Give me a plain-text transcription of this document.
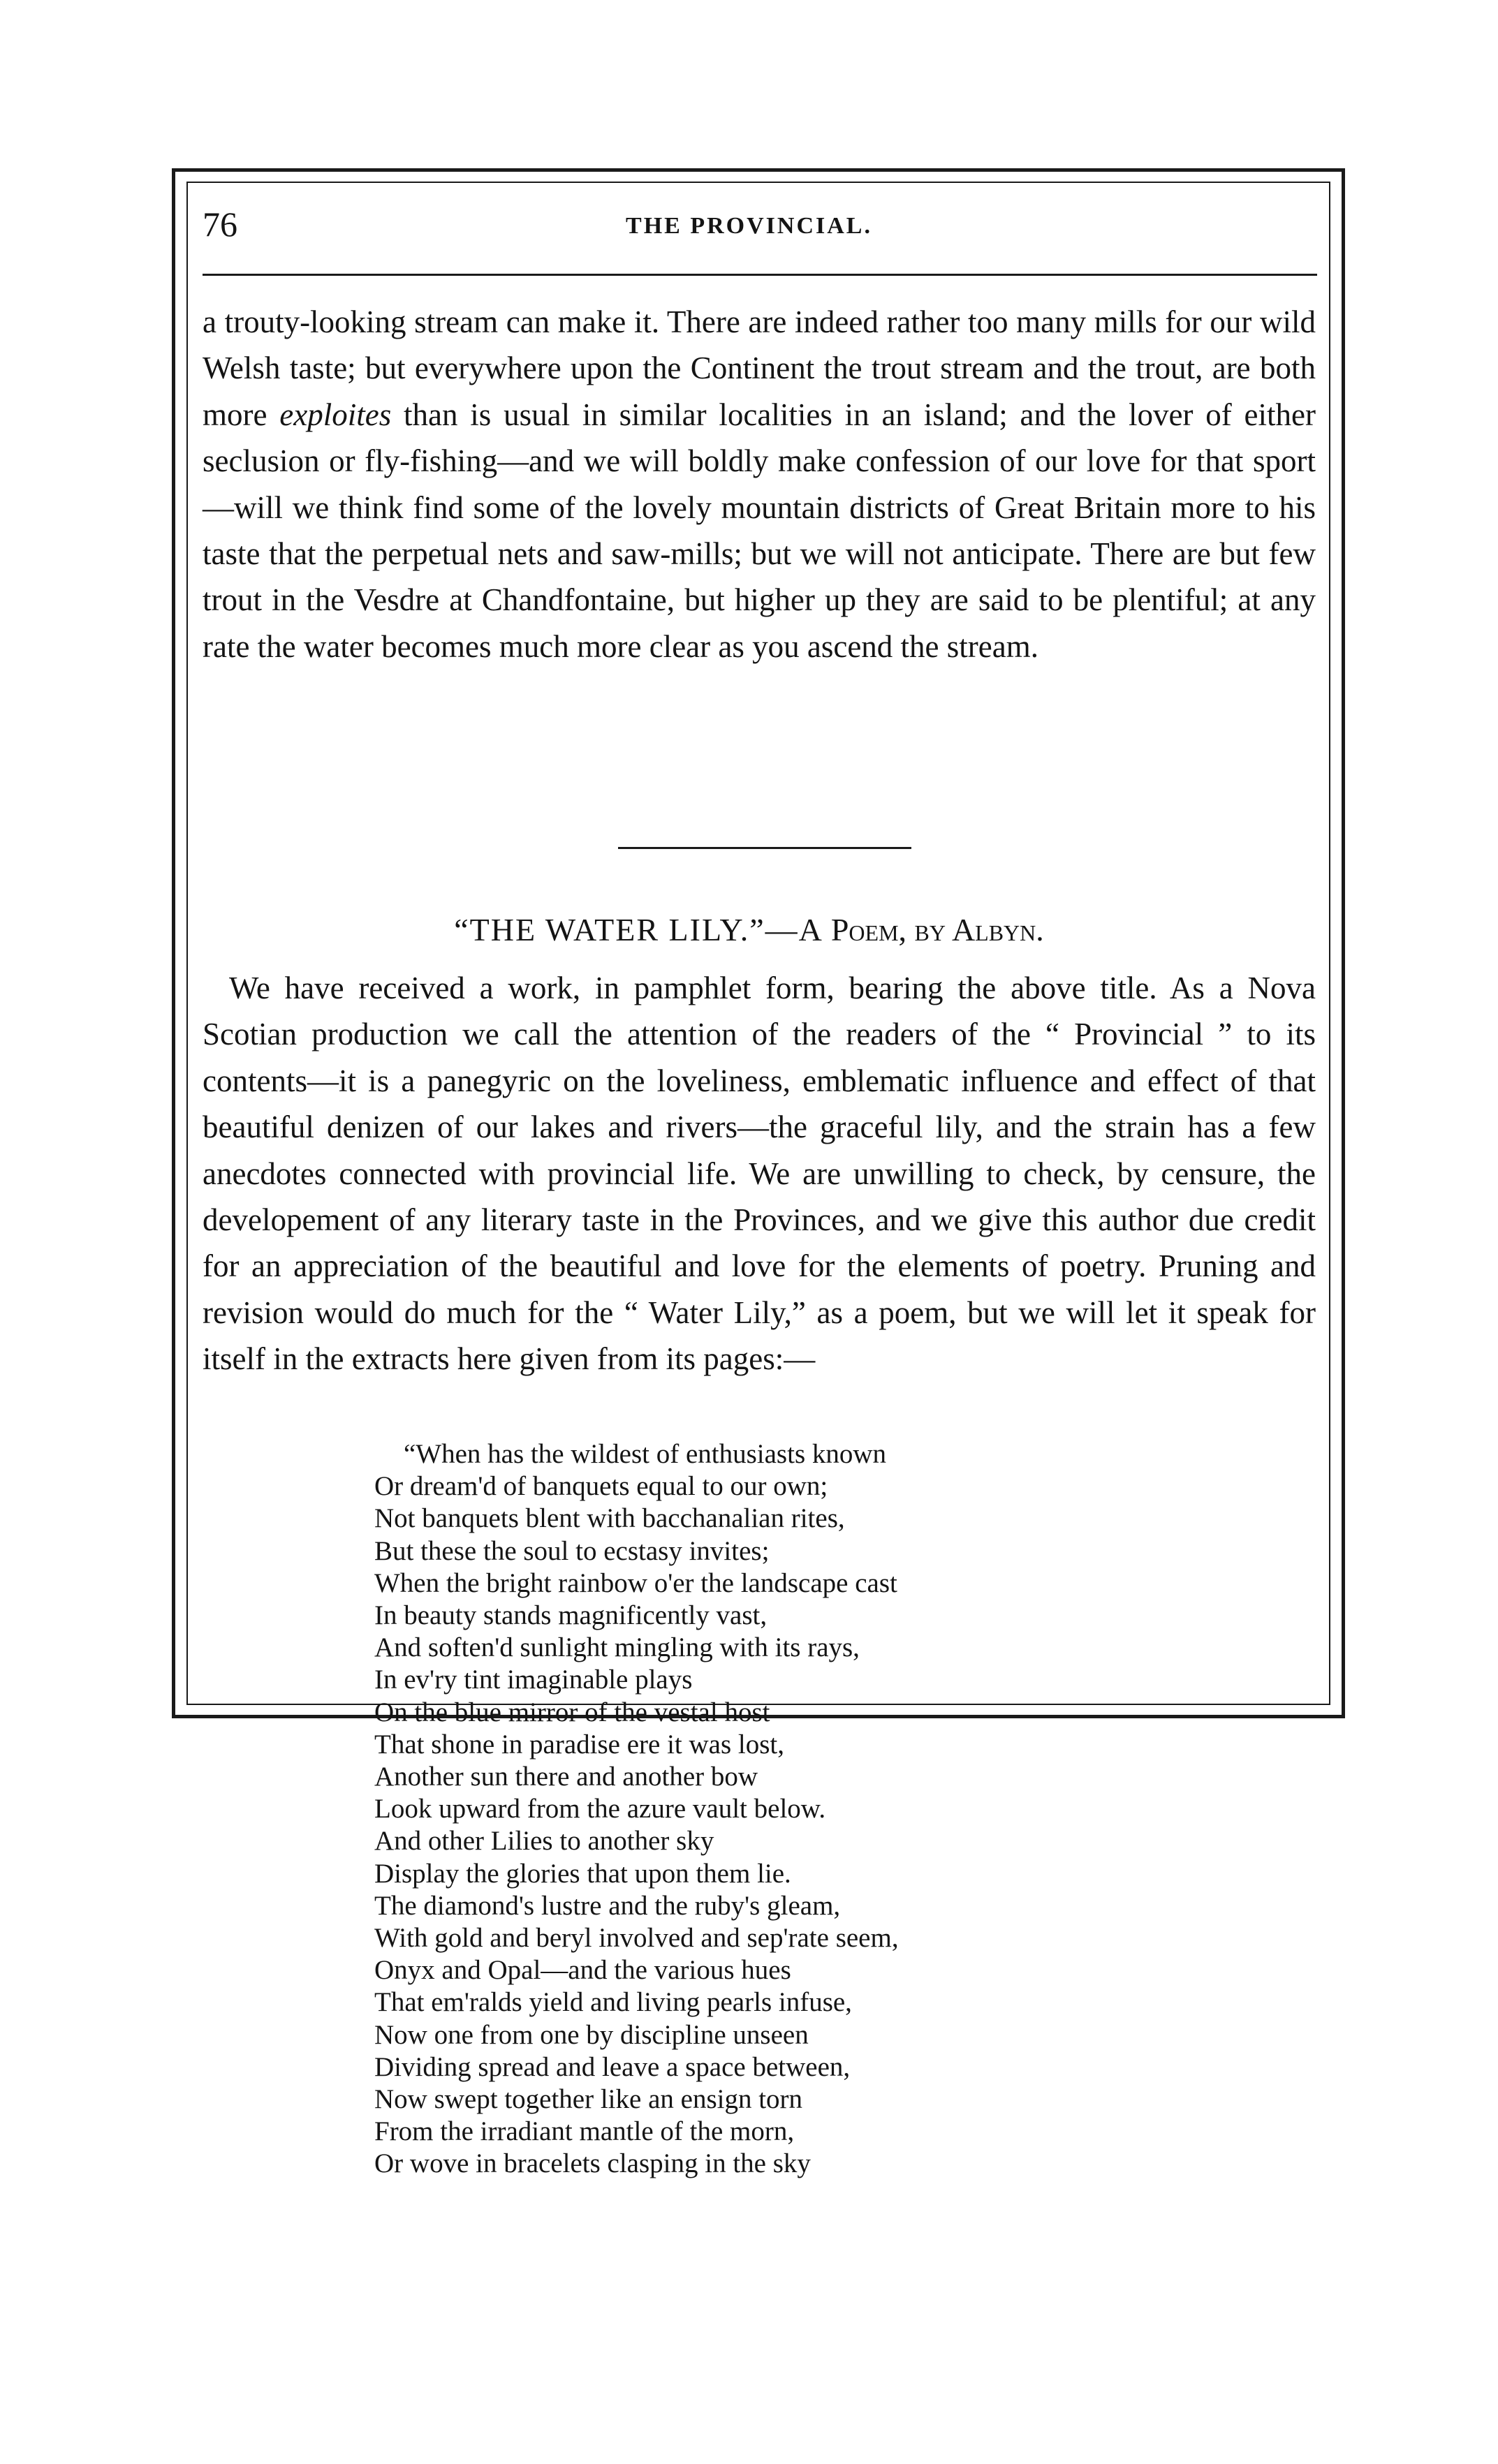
76	THE PROVINCIAL.

a trouty-looking stream can make it. There are indeed rather too many mills for our wild Welsh taste; but everywhere upon the Continent the trout stream and the trout, are both more exploites than is usual in similar localities in an island; and the lover of either seclusion or fly-fishing—and we will boldly make confession of our love for that sport—will we think find some of the lovely mountain districts of Great Britain more to his taste that the perpetual nets and saw-mills; but we will not anticipate. There are but few trout in the Vesdre at Chandfontaine, but higher up they are said to be plentiful; at any rate the water becomes much more clear as you ascend the stream.

“THE WATER LILY.”—A Poem, by Albyn.

We have received a work, in pamphlet form, bearing the above title. As a Nova Scotian production we call the attention of the readers of the “ Provincial ” to its contents—it is a panegyric on the loveliness, emblematic influence and effect of that beautiful denizen of our lakes and rivers—the graceful lily, and the strain has a few anecdotes connected with provincial life. We are unwilling to check, by censure, the developement of any literary taste in the Provinces, and we give this author due credit for an appreciation of the beautiful and love for the elements of poetry. Pruning and revision would do much for the “ Water Lily,” as a poem, but we will let it speak for itself in the extracts here given from its pages:—

“When has the wildest of enthusiasts known
Or dream'd of banquets equal to our own;
Not banquets blent with bacchanalian rites,
But these the soul to ecstasy invites;
When the bright rainbow o'er the landscape cast
In beauty stands magnificently vast,
And soften'd sunlight mingling with its rays,
In ev'ry tint imaginable plays
On the blue mirror of the vestal host
That shone in paradise ere it was lost,
Another sun there and another bow
Look upward from the azure vault below.
And other Lilies to another sky
Display the glories that upon them lie.
The diamond's lustre and the ruby's gleam,
With gold and beryl involved and sep'rate seem,
Onyx and Opal—and the various hues
That em'ralds yield and living pearls infuse,
Now one from one by discipline unseen
Dividing spread and leave a space between,
Now swept together like an ensign torn
From the irradiant mantle of the morn,
Or wove in bracelets clasping in the sky
